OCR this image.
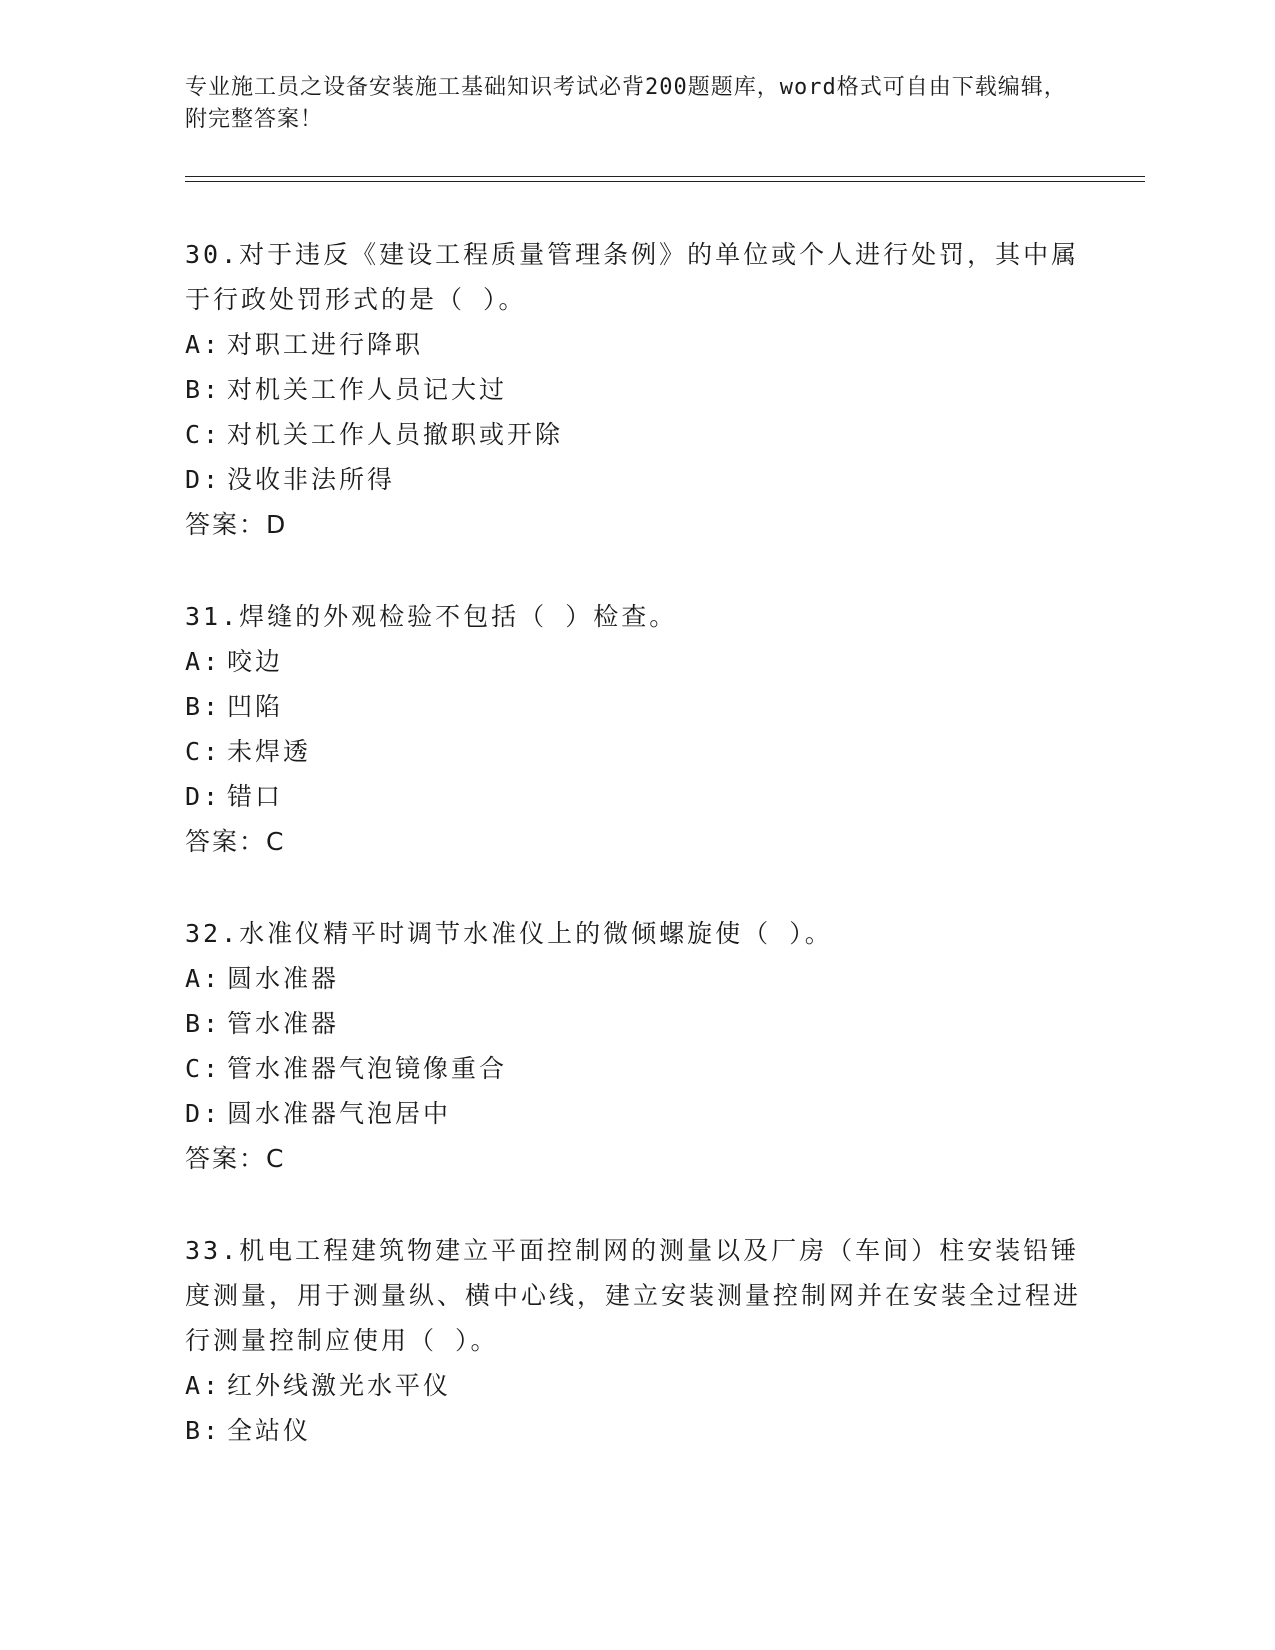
专业施工员之设备安装施工基础知识考试必背200题题库，word格式可自由下载编辑，附完整答案！

30.对于违反《建设工程质量管理条例》的单位或个人进行处罚，其中属于行政处罚形式的是（ ）。

A: 对职工进行降职
B: 对机关工作人员记大过
C: 对机关工作人员撤职或开除
D: 没收非法所得

答案：D

31.焊缝的外观检验不包括（ ）检查。

A: 咬边
B: 凹陷
C: 未焊透
D: 错口

答案：C

32.水准仪精平时调节水准仪上的微倾螺旋使（ ）。

A: 圆水准器
B: 管水准器
C: 管水准器气泡镜像重合
D: 圆水准器气泡居中

答案：C

33.机电工程建筑物建立平面控制网的测量以及厂房（车间）柱安装铅锤度测量，用于测量纵、横中心线，建立安装测量控制网并在安装全过程进行测量控制应使用（ ）。

A: 红外线激光水平仪
B: 全站仪
